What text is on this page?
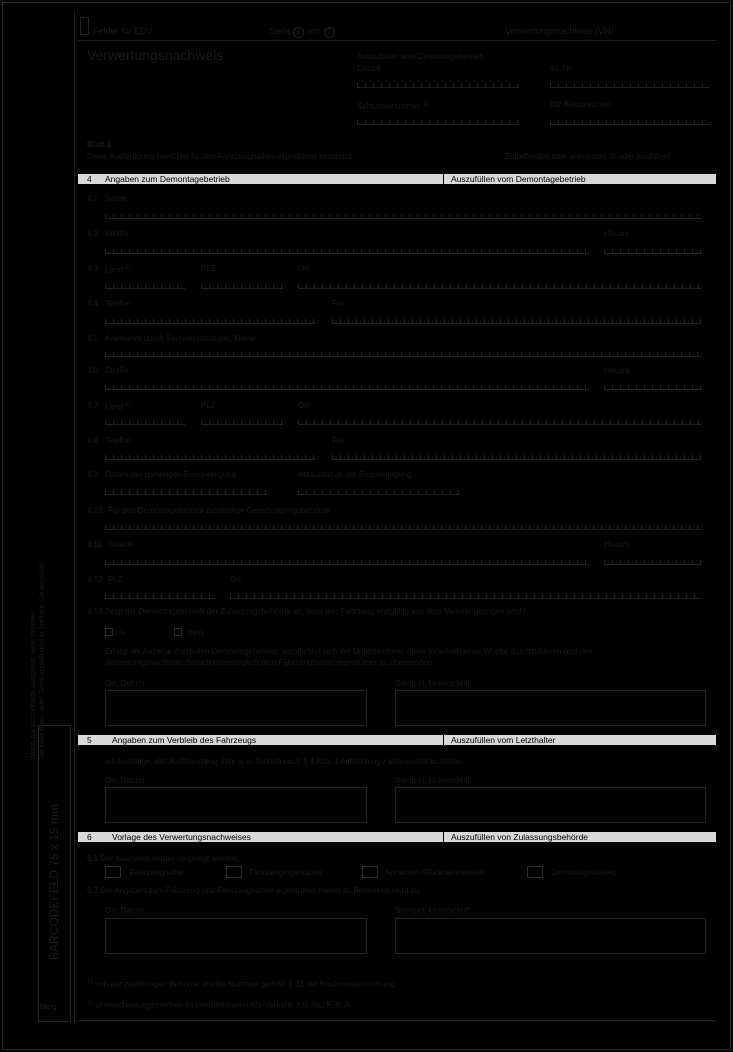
Wenn handschriftlich ausgefüllt wird, nehmen Sie bitte Blau- oder Schwarzstift und schreiben Sie deutlich!
BARCODEFELD 75 x 15 mm
blog
Felder für EDV	Seite 1 von 2	Verwertungsnachweis (VN)
Verwertungsnachweis	Auszufüllen vom Demontagebetrieb
Datum	lfd. Nr.
Schlüsselnummer $^{1)}$	Kfz-Kennzeichen
Blatt 1:
Diese Ausfertigung (weiß) ist für den Fahrzeughalter/-eigentümer bestimmt.	Zutreffendes bitte ankreuzen ☒ oder ausfüllen!
4 Angaben zum Demontagebetrieb	Auszufüllen vom Demontagebetrieb
4.1 Name
4.2 Straße	Hausnr.
4.3 Land $^{2)}$	PLZ	Ort
4.4 Telefon	Fax
4.5 Anerkannt durch Sachverständigen: Name
4.6 Straße	Hausnr.
4.7 Land $^{2)}$	PLZ	Ort
4.8 Telefon	Fax
4.9 Datum der bisherigen Bescheinigung	Ablaufdatum der Bescheinigung
4.10 Für den Demontagebetrieb zuständige Genehmigungsbehörde
4.11 Straße	Hausnr.
4.12 PLZ	Ort
4.13 Zeigt der Demontagebetrieb der Zulassungsbehörde an, dass das Fahrzeug endgültig aus dem Verkehr gezogen wird?
ja	nein
Erfolgt die Anzeige durch den Demontagebetrieb, verpflichtet sich der Unterzeichner, diese innerhalb einer Woche durchzuführen und den
Verwertungsnachweis danach unverzüglich dem Fahrzeughalter/-eigentümer zu übersenden.
Ort, Datum	Stempel, Unterschrift
5 Angaben zum Verbleib des Fahrzeugs	Auszufüllen vom Letzthalter
Ich bestätige, das Kraftfahrzeug dem o. a. Betrieb nach § 4 Abs. 1 AltfahrzeugV überlassen zu haben.
Ort, Datum	Stempel, Unterschrift
6 Vorlage des Verwertungsnachweises	Auszufüllen von Zulassungsbehörde
6.1 Der Nachweis wurde vorgelegt worden:
Fahrzeughalter	Fahrzeugeigentümer	Annahme-/Rücknahmestelle	Demontagebetrieb
6.2 Die Angaben zum Fahrzeug und Fahrzeughalter/-eigentümer haben zu Bedenken nicht zu.
Ort, Datum	Stempel, Unterschrift
$^{1)}$ von der zuständigen Behörde erteilte Nummer gemäß § 23 der Nachweisverordnung
$^{2)}$ Unterscheidungszeichen im internationalen Kfz-Verkehr, z.B. NL, F, B, A
